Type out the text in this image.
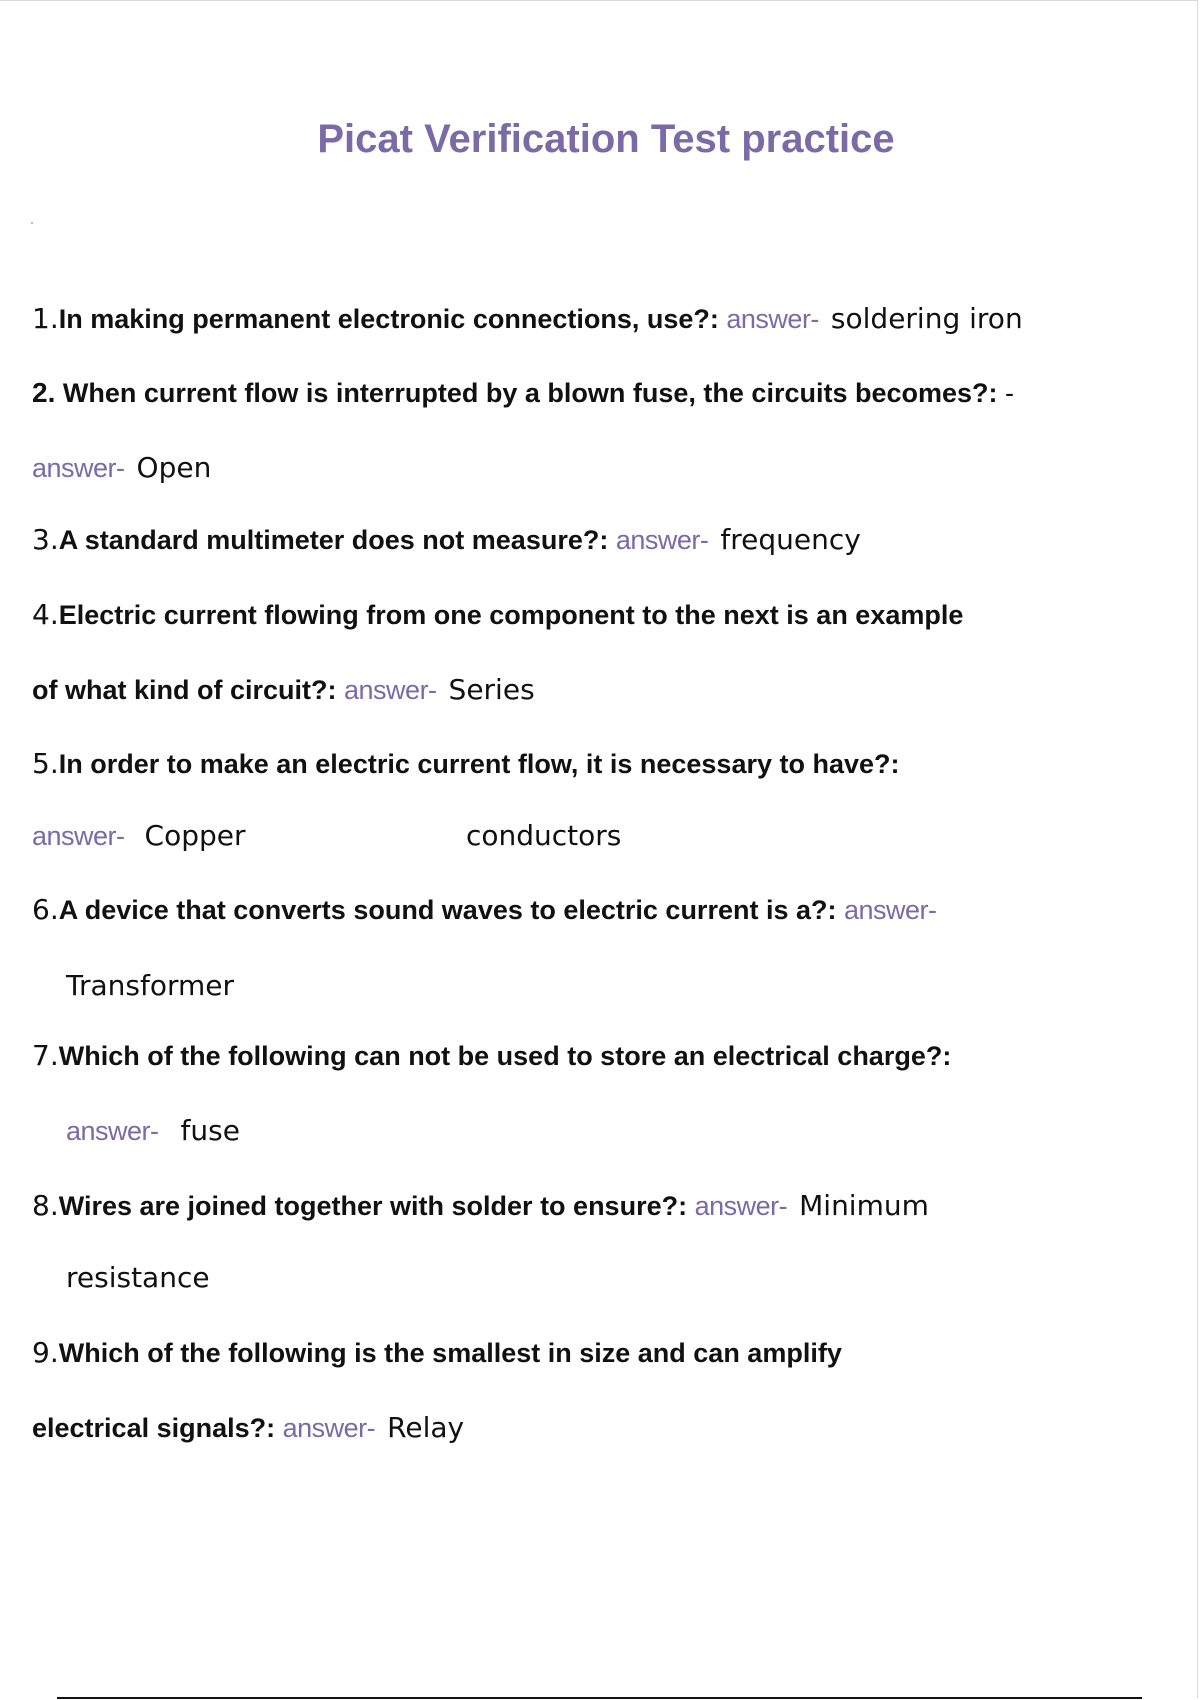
Picat Verification Test practice
1.In making permanent electronic connections, use?: answer- soldering iron
2. When current flow is interrupted by a blown fuse, the circuits becomes?: -
answer- Open
3.A standard multimeter does not measure?: answer- frequency
4.Electric current flowing from one component to the next is an example
of what kind of circuit?: answer- Series
5.In order to make an electric current flow, it is necessary to have?:
answer- Copper	conductors
6.A device that converts sound waves to electric current is a?: answer-
Transformer
7.Which of the following can not be used to store an electrical charge?:
answer- fuse
8.Wires are joined together with solder to ensure?: answer- Minimum
resistance
9.Which of the following is the smallest in size and can amplify
electrical signals?: answer- Relay
